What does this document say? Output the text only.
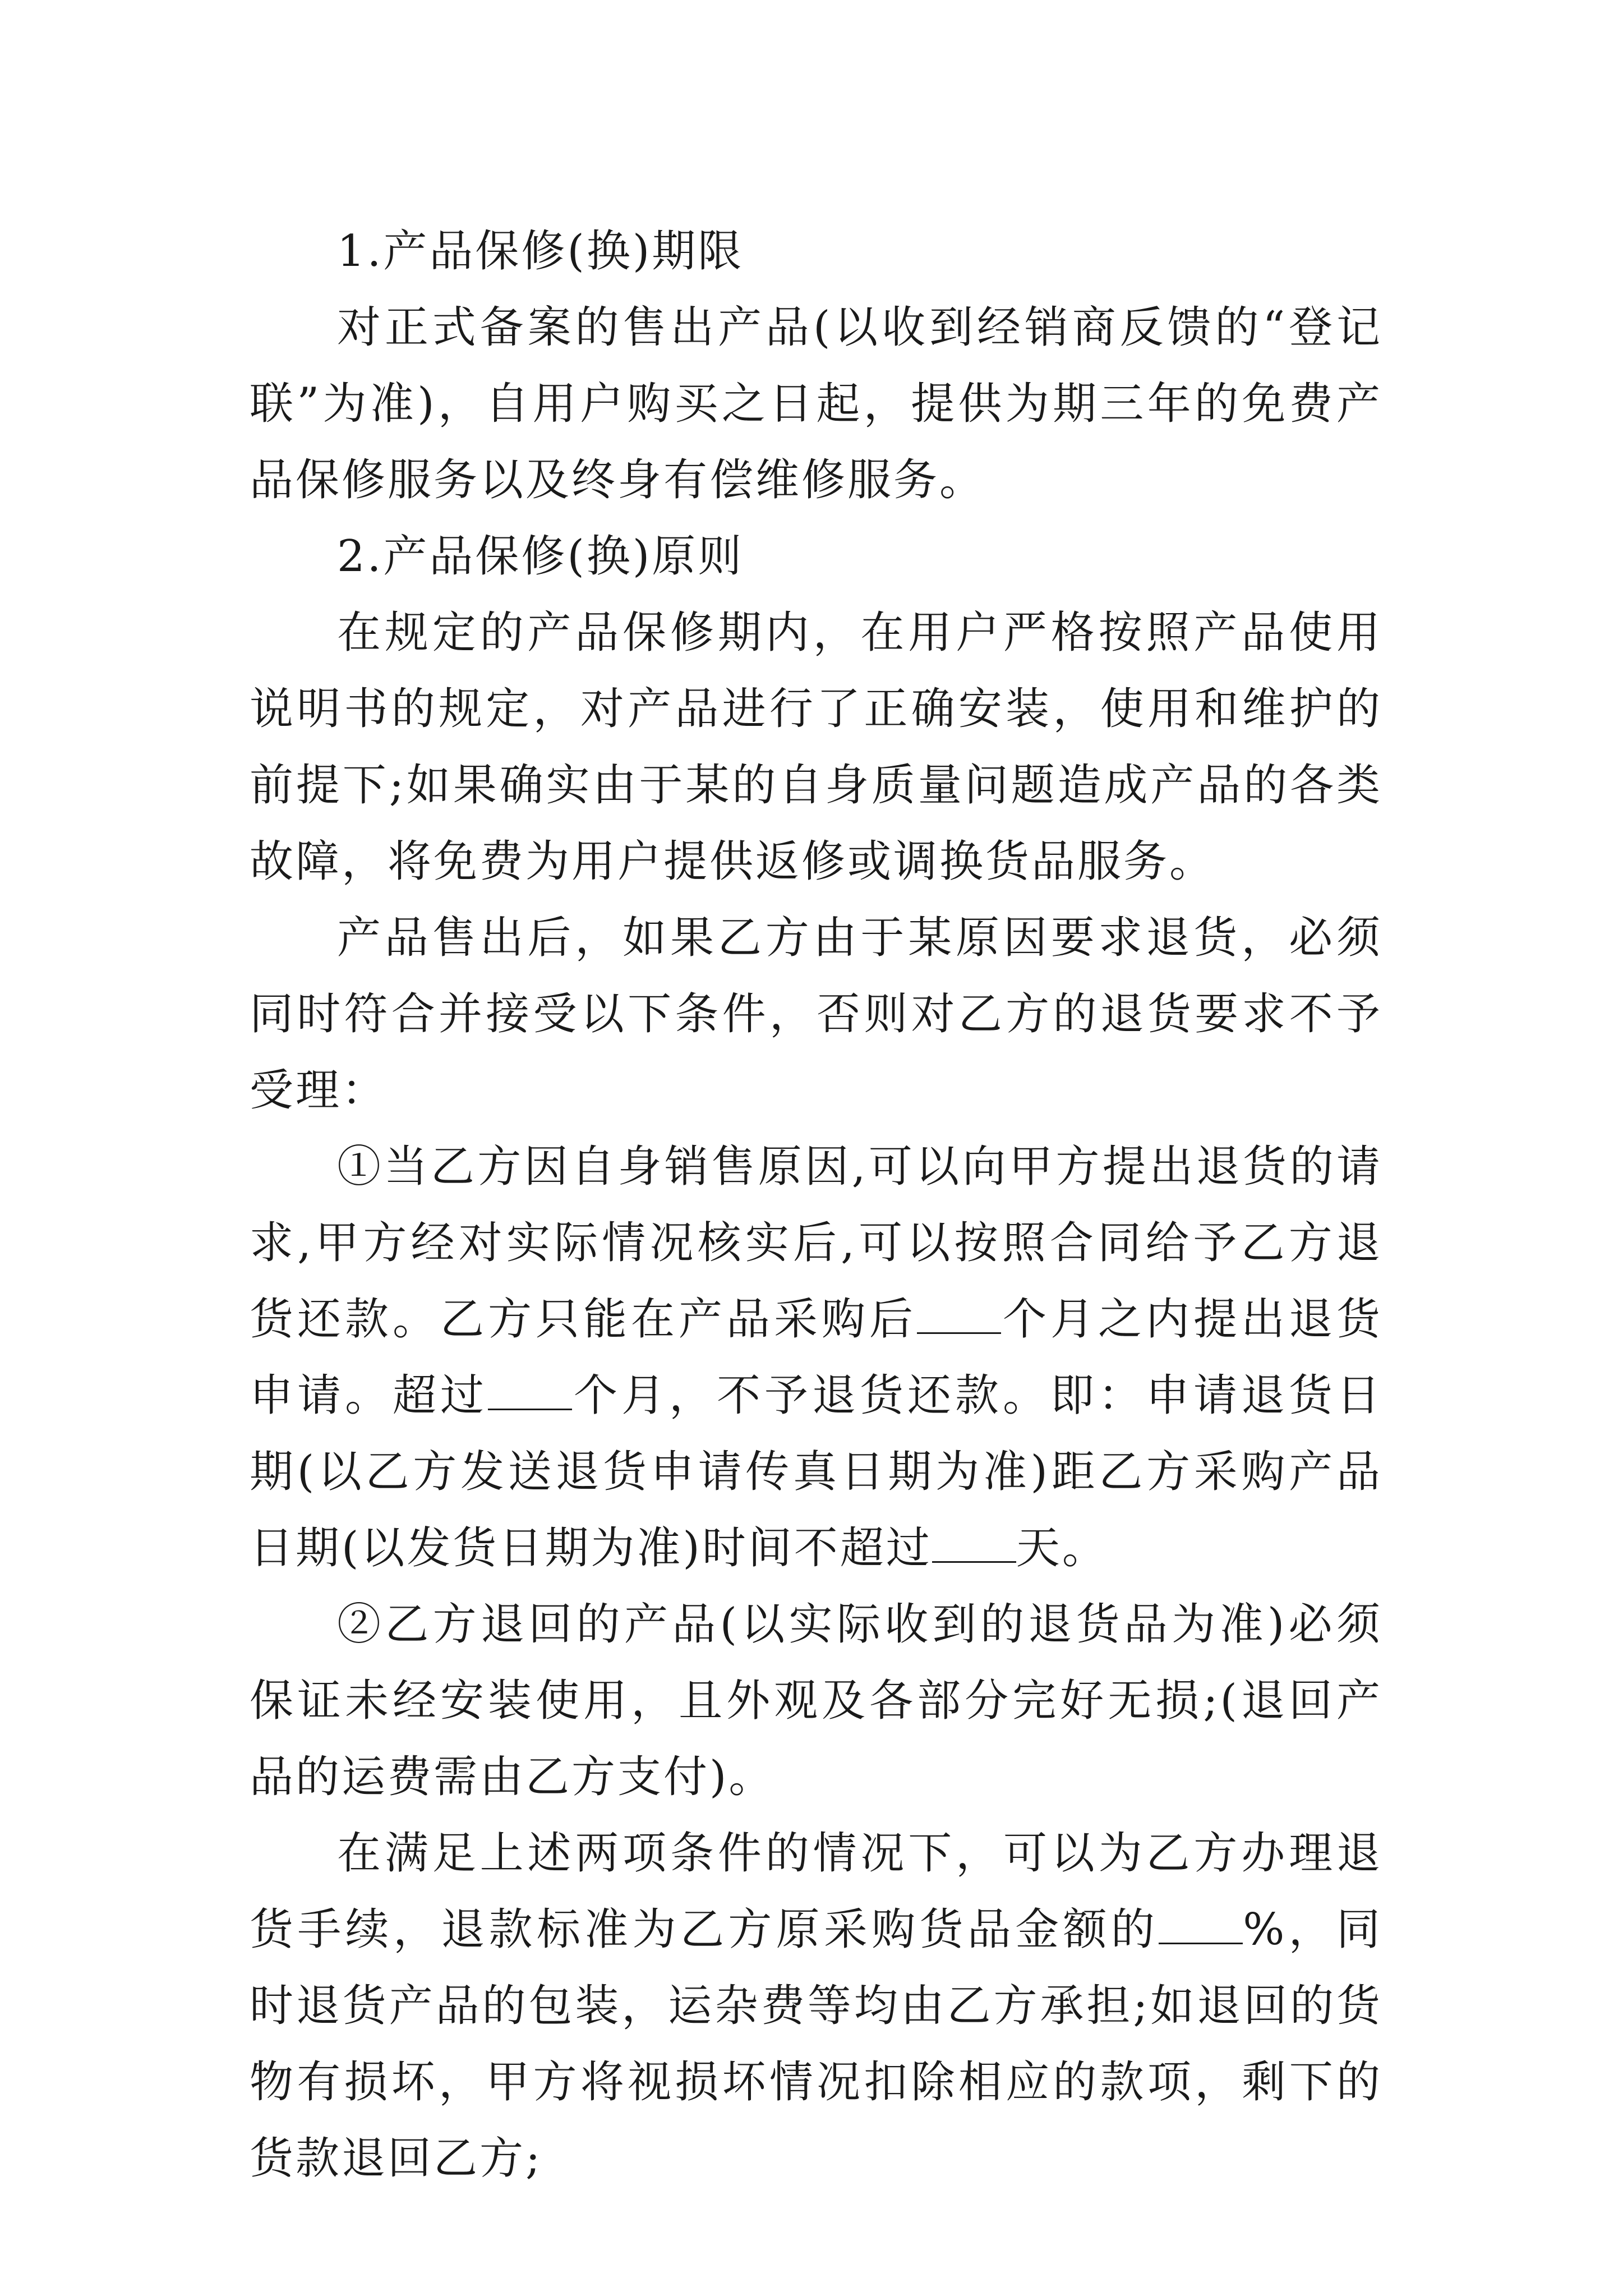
1.产品保修(换)期限

对正式备案的售出产品(以收到经销商反馈的“登记联”为准)，自用户购买之日起，提供为期三年的免费产品保修服务以及终身有偿维修服务。

2.产品保修(换)原则

在规定的产品保修期内，在用户严格按照产品使用说明书的规定，对产品进行了正确安装，使用和维护的前提下;如果确实由于某的自身质量问题造成产品的各类故障，将免费为用户提供返修或调换货品服务。

产品售出后，如果乙方由于某原因要求退货，必须同时符合并接受以下条件，否则对乙方的退货要求不予受理：

①当乙方因自身销售原因,可以向甲方提出退货的请求,甲方经对实际情况核实后,可以按照合同给予乙方退货还款。乙方只能在产品采购后 个月之内提出退货申请。超过 个月，不予退货还款。即：申请退货日期(以乙方发送退货申请传真日期为准)距乙方采购产品日期(以发货日期为准)时间不超过 天。

②乙方退回的产品(以实际收到的退货品为准)必须保证未经安装使用，且外观及各部分完好无损;(退回产品的运费需由乙方支付)。

在满足上述两项条件的情况下，可以为乙方办理退货手续，退款标准为乙方原采购货品金额的 %，同时退货产品的包装，运杂费等均由乙方承担;如退回的货物有损坏，甲方将视损坏情况扣除相应的款项，剩下的货款退回乙方;
